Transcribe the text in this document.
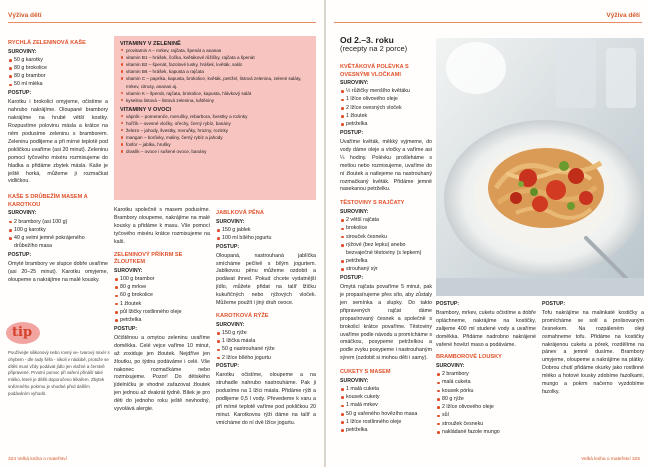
Výživa dětí	Výživa dětí
RYCHLÁ ZELENINOVÁ KAŠE
SUROVINY:
50 g karotky
80 g brokolice
80 g brambor
50 ml mléka
POSTUP:
Karotku i brokolici omyjeme, očistíme a nahrubo nakrájíme. Oloupané brambory nakrájíme na hrubé větší kostky. Rozpustíme polovinu másla a krátce na něm podusíme zeleninu s bramborem. Zeleninu podlijeme a při mírné teplotě pod pokličkou uvaříme (asi 20 minut). Zeleninu pomocí tyčového mixéru rozmixujeme do hladka a přidáme zbytek másla. Kaše je ještě horká, můžeme ji rozmačkat vidličkou.
KAŠE S DRŮBEŽÍM MASEM A KAROTKOU
SUROVINY:
2 brambory (asi 100 g)
100 g karotky
40 g velmi jemně pokrájeného drůbežího masa
POSTUP:
Omyté brambory ve slupce dobře uvaříme (asi 20–25 minut). Karotku omyjeme, oloupeme a nakrájíme na malé kousky.
tip
Používejte silikonový nebo rovný ve- tvarový mixér s ohybem - dle rady šéfa - nikoli v nádobě, protože se dítěti musí vždy podávat jídlo jen vlažné a čerstvě připravené. Prvotní pomoc při vaření přináší také mléko, které je dítěti doporučeno lékařem. Zbytek snězeného pokrmu je vhodné před dalším podáváním vyhodit.
VITAMINY V ZELENINĚ
provitamin A – mrkev, rajčata, špenát a ananas
vitamin B1 – hrášek, čočka, květákové růžičky, rajčata a špenát
vitamin B2 – špenát, fazolové lusky, hrášek, květák, salát
vitamin B6 – hrášek, kapusta a rajčata
vitamin C – paprika, kapusta, brokolice, květák, petržel, listová zelenina, zelené saláty, mrkev, citrusy, ananas aj.
vitamin K – špenát, rajčata, brokolice, kapusta, hlávkový salát
kyselina listová – listová zelenina, luštěniny
VITAMINY V OVOCI
vápník – pomeranče, meruňky, rebarbora, švestky a rozinky
hořčík – ovesné vločky, ořechy, černý rybíz, banány
železo – jahody, švestky, meruňky, hrozny, rozinky
mangan – borůvky, maliny, černý rybíz a jahody
fosfor – jablka, hrušky
draslík – ovoce i sušené ovoce, banány
Karotku společně s masem podusíme. Brambory oloupeme, nakrájíme na malé kousky a přidáme k masu. Vše pomocí tyčového mixéru krátce rozmixujeme na kaši.
ZELENINOVÝ PŘÍKRM SE ŽLOUTKEM
SUROVINY:
100 g brambor
80 g mrkve
60 g brokolice
1 žloutek
půl lžičky rostlinného oleje
petrželka
POSTUP:
Očištěnou a omytou zeleninu uvaříme doměkka. Celé vejce vaříme 10 minut, až zoxiduje jen žloutek. Nejdříve jen žloutku, po týdnu podáváme i celé. Vše nakonec rozmačkáme nebo rozmixujeme. Pozor! Do dětského jídelníčku je vhodné zařazovat žloutek jen jednou až dvakrát týdně. Bílek je pro děti do jednoho roku ještě nevhodný, vyvolává alergie.
JABLKOVÁ PĚNA
SUROVINY:
150 g jablek
100 ml bílého jogurtu
POSTUP:
Oloupaná, nastrouhaná jablíčka smícháme pečlivě s bílým jogurtem. Jablkovou pěnu můžeme ozdobit a podávat ihned. Pokud chcete vydatnější jídlo, můžete přidat na talíř lžičku kukuřičných nebo rýžových vloček. Můžeme použít i jiný druh ovoce.
KAROTKOVÁ RÝŽE
SUROVINY:
150 g rýže
1 lžička másla
50 g nastrouhané rýže
2 lžíce bílého jogurtu
POSTUP:
Karotku očistíme, oloupeme a na struhadle nahrubo nastrouháme. Pak ji podusíme na 1 lžíci másla. Přidáme rýži a podlijeme 0,5 l vody. Převedeme k varu a při mírné teplotě vaříme pod pokličkou 20 minut. Karotkovou rýži dáme na talíř a vmícháme do ní dvě lžíce jogurtu.
324 Velká kniha o mateřství
Od 2.–3. roku
(recepty na 2 porce)
KVĚTÁKOVÁ POLÉVKA S OVESNÝMI VLOČKAMI
SUROVINY:
½ růžičky menšího květáku
1 lžíce olivového oleje
2 lžíce ovesných vloček
1 žloutek
petrželka
POSTUP:
Uvaříme květák, měkký vyjmeme, do vody dáme oleje a vločky a vaříme asi ¼ hodiny. Polévku prošleháme s metlou nebo rozmixujeme, uvaříme do ní žloutek a natlejeme na nastrouhaný rozmačkaný květák. Přidáme jemně nasekanou petrželku.
TĚSTOVINY S RAJČATY
SUROVINY:
2 větší rajčata
brokolice
sirouček česneku
rýžové (bez lepku) anebo bezvaječné těstoviny (s lepkem)
petrželka
strouhaný sýr
POSTUP:
Omytá rajčata povaříme 5 minut, pak je propasírujeme přes síto, aby zůstaly jen semínka a slupky. Do takto připravených rajčat dáme propasírovaný česnek a společně s brokolicí krátce povaříme. Těstoviny uvaříme podle návodu a promícháme s omáčkou, posypeme petrželkou a podle zvyku posypeme i nastrouhaným sýrem (ozdobit si mohou děti i samy).
CUKETY S MASEM
SUROVINY:
1 malá cuketa
kousek cukety
1 malá mrkev
50 g vařeného hovězího masa
1 lžíce rostlinného oleje
petrželka
POSTUP:
Brambory, mrkev, cuketu očistíme a dobře opláchneme, nakrájíme na kostičky, zalijeme 400 ml studené vody a uvaříme doměkka. Přidáme nadrobno nakrájené vařené hovězí maso a podáváme.
BRAMBOROVÉ LOUSKY
SUROVINY:
2 brambory
malá cuketa
kousek pórku
80 g rýže
2 lžíce olivového oleje
sůl
stroužek česneku
nakládané fazole mungo
POSTUP:
Tofu nakrájíme na malinkaté kostičky a promícháme se solí a prolisovaným česnekem. Na rozpáleném oleji osmahneme tofu. Přidáme na kostičky nakrájenou cuketu a pórek, rozdělíme na pánev a jemně dusíme. Brambory umyjeme, oloupeme a nakrájíme na plátky. Dobrou chutí přidáme okurky jako rostlinné mléko a hotové lousky zdobíme fazolkami, mungo a pokrm načerno vyzdobíme fazolky.
Velká kniha o mateřství 325
